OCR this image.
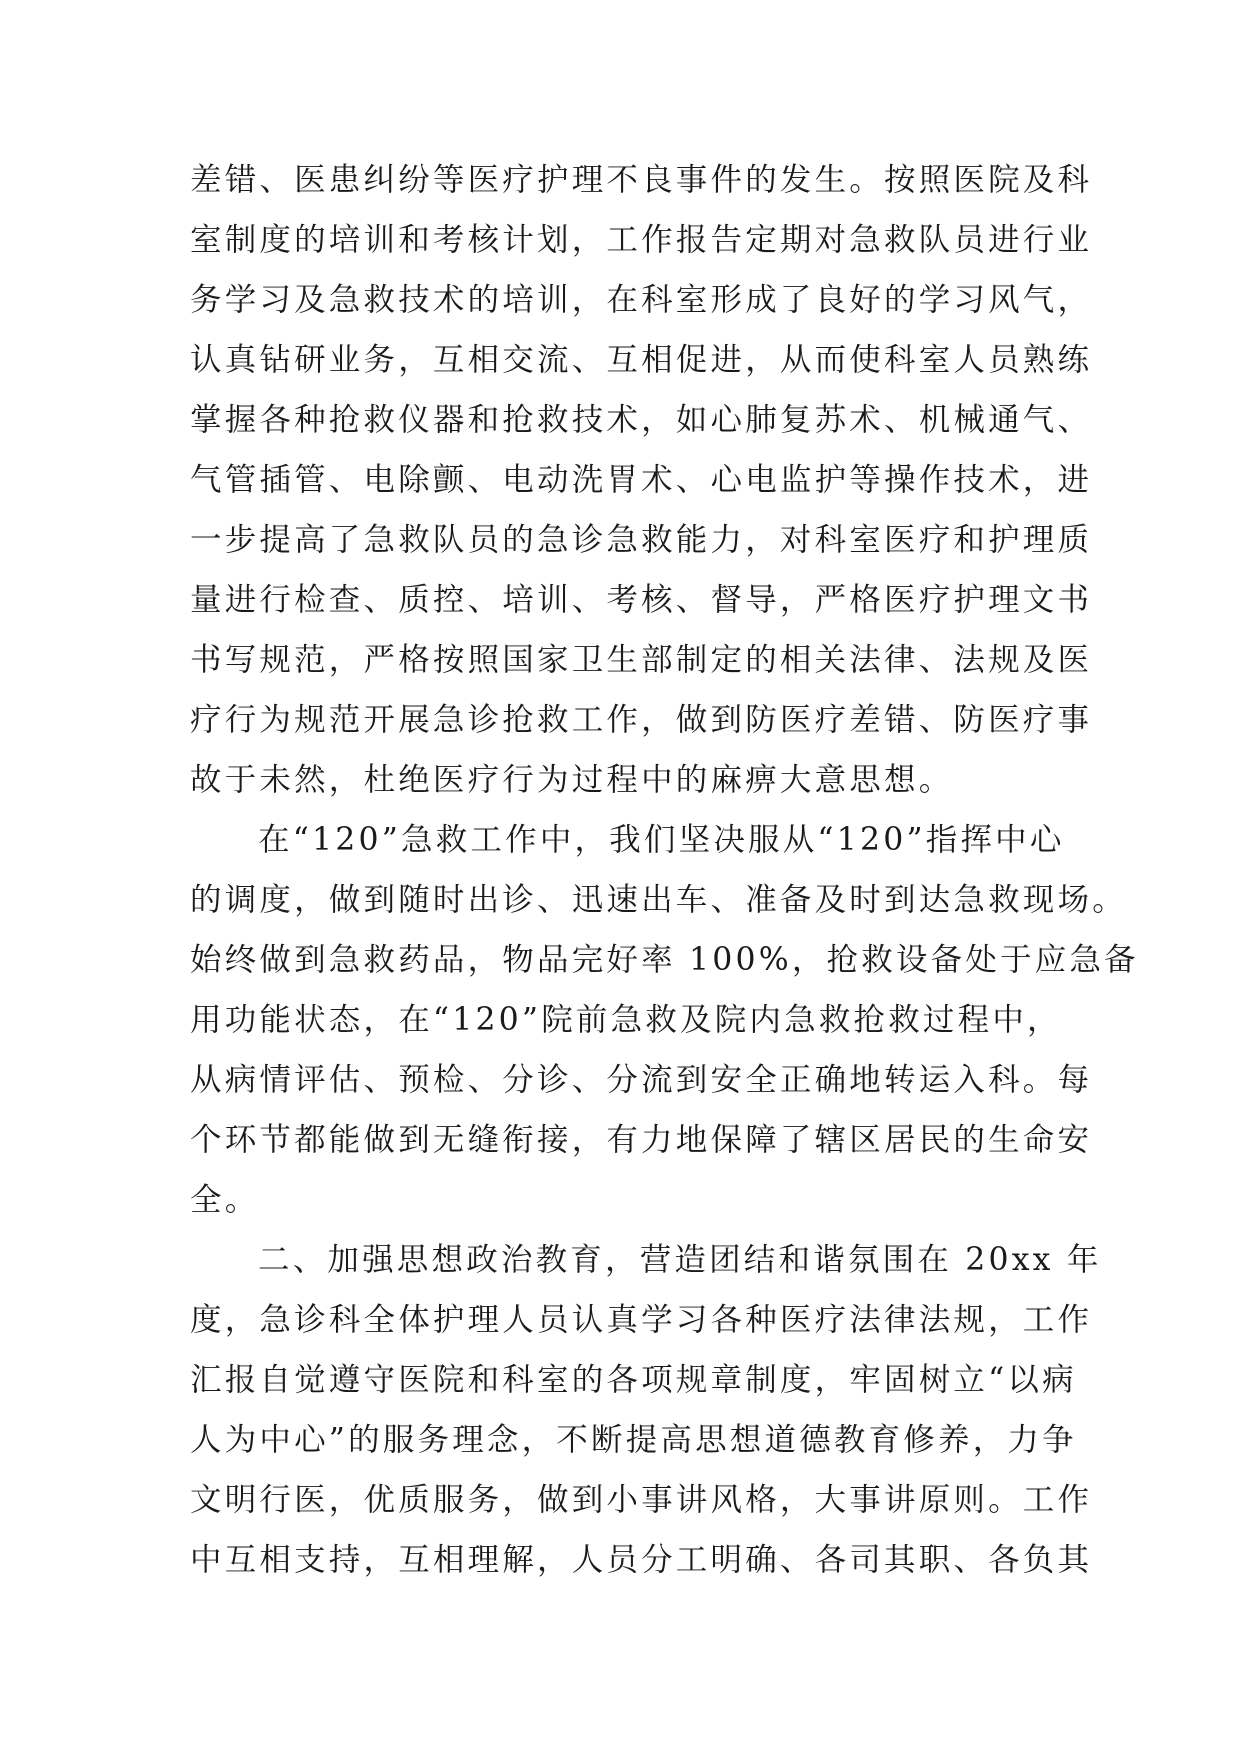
差错、医患纠纷等医疗护理不良事件的发生。按照医院及科
室制度的培训和考核计划，工作报告定期对急救队员进行业
务学习及急救技术的培训，在科室形成了良好的学习风气，
认真钻研业务，互相交流、互相促进，从而使科室人员熟练
掌握各种抢救仪器和抢救技术，如心肺复苏术、机械通气、
气管插管、电除颤、电动洗胃术、心电监护等操作技术，进
一步提高了急救队员的急诊急救能力，对科室医疗和护理质
量进行检查、质控、培训、考核、督导，严格医疗护理文书
书写规范，严格按照国家卫生部制定的相关法律、法规及医
疗行为规范开展急诊抢救工作，做到防医疗差错、防医疗事
故于未然，杜绝医疗行为过程中的麻痹大意思想。
在“120”急救工作中，我们坚决服从“120”指挥中心
的调度，做到随时出诊、迅速出车、准备及时到达急救现场。
始终做到急救药品，物品完好率 100%，抢救设备处于应急备
用功能状态，在“120”院前急救及院内急救抢救过程中，
从病情评估、预检、分诊、分流到安全正确地转运入科。每
个环节都能做到无缝衔接，有力地保障了辖区居民的生命安
全。
二、加强思想政治教育，营造团结和谐氛围在 20xx 年
度，急诊科全体护理人员认真学习各种医疗法律法规，工作
汇报自觉遵守医院和科室的各项规章制度，牢固树立“以病
人为中心”的服务理念，不断提高思想道德教育修养，力争
文明行医，优质服务，做到小事讲风格，大事讲原则。工作
中互相支持，互相理解，人员分工明确、各司其职、各负其
